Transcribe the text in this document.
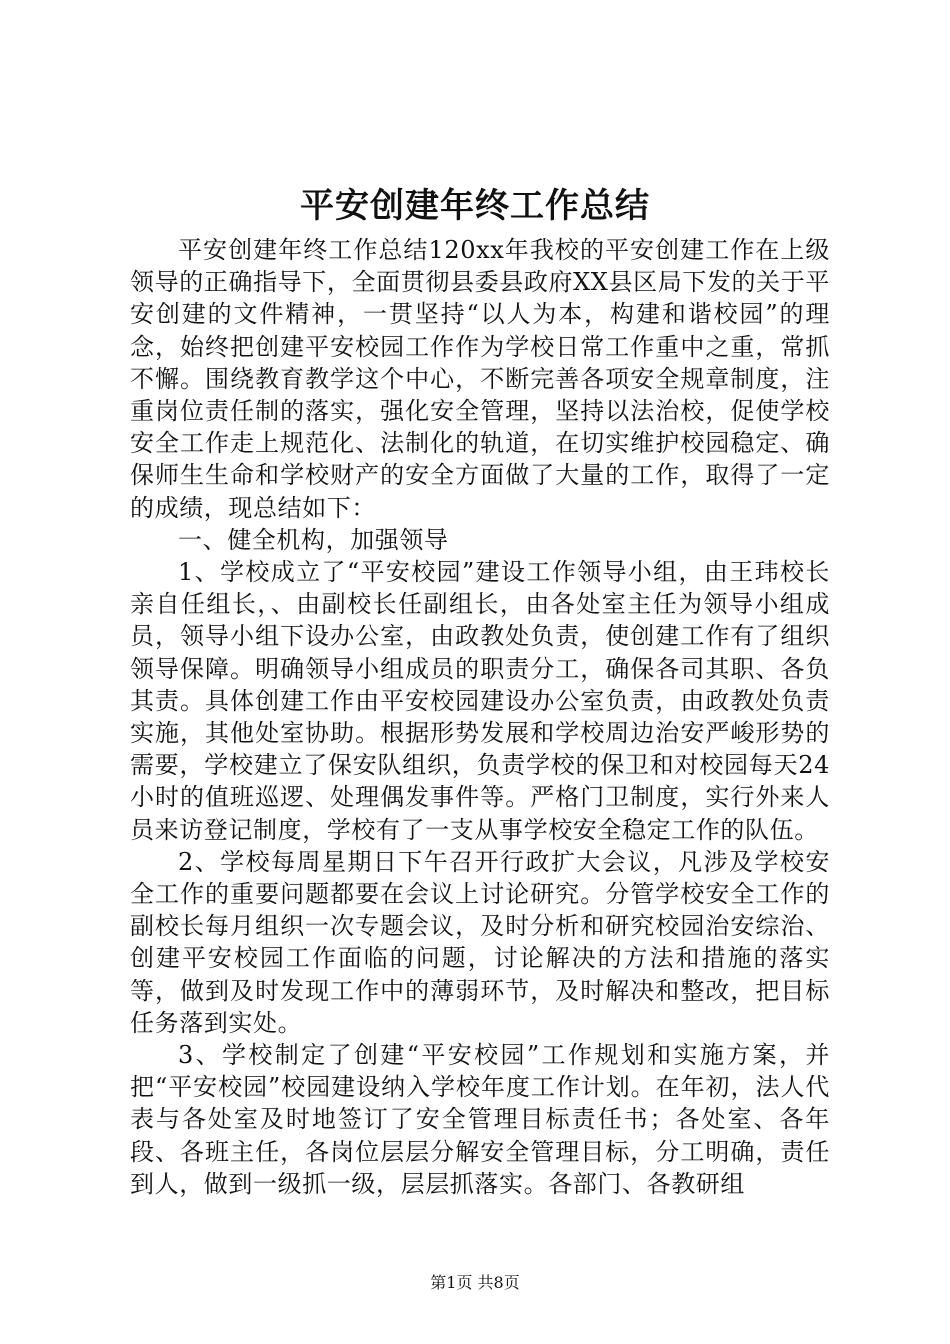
平安创建年终工作总结

平安创建年终工作总结120xx年我校的平安创建工作在上级领导的正确指导下，全面贯彻县委县政府XX县区局下发的关于平安创建的文件精神，一贯坚持“以人为本，构建和谐校园”的理念，始终把创建平安校园工作作为学校日常工作重中之重，常抓不懈。围绕教育教学这个中心，不断完善各项安全规章制度，注重岗位责任制的落实，强化安全管理，坚持以法治校，促使学校安全工作走上规范化、法制化的轨道，在切实维护校园稳定、确保师生生命和学校财产的安全方面做了大量的工作，取得了一定的成绩，现总结如下：

一、健全机构，加强领导

1、学校成立了“平安校园”建设工作领导小组，由王玮校长亲自任组长，、由副校长任副组长，由各处室主任为领导小组成员，领导小组下设办公室，由政教处负责，使创建工作有了组织领导保障。明确领导小组成员的职责分工，确保各司其职、各负其责。具体创建工作由平安校园建设办公室负责，由政教处负责实施，其他处室协助。根据形势发展和学校周边治安严峻形势的需要，学校建立了保安队组织，负责学校的保卫和对校园每天24小时的值班巡逻、处理偶发事件等。严格门卫制度，实行外来人员来访登记制度，学校有了一支从事学校安全稳定工作的队伍。

2、学校每周星期日下午召开行政扩大会议，凡涉及学校安全工作的重要问题都要在会议上讨论研究。分管学校安全工作的副校长每月组织一次专题会议，及时分析和研究校园治安综治、创建平安校园工作面临的问题，讨论解决的方法和措施的落实等，做到及时发现工作中的薄弱环节，及时解决和整改，把目标任务落到实处。

3、学校制定了创建“平安校园”工作规划和实施方案，并把“平安校园”校园建设纳入学校年度工作计划。在年初，法人代表与各处室及时地签订了安全管理目标责任书；各处室、各年段、各班主任，各岗位层层分解安全管理目标，分工明确，责任到人，做到一级抓一级，层层抓落实。各部门、各教研组

第1页 共8页
